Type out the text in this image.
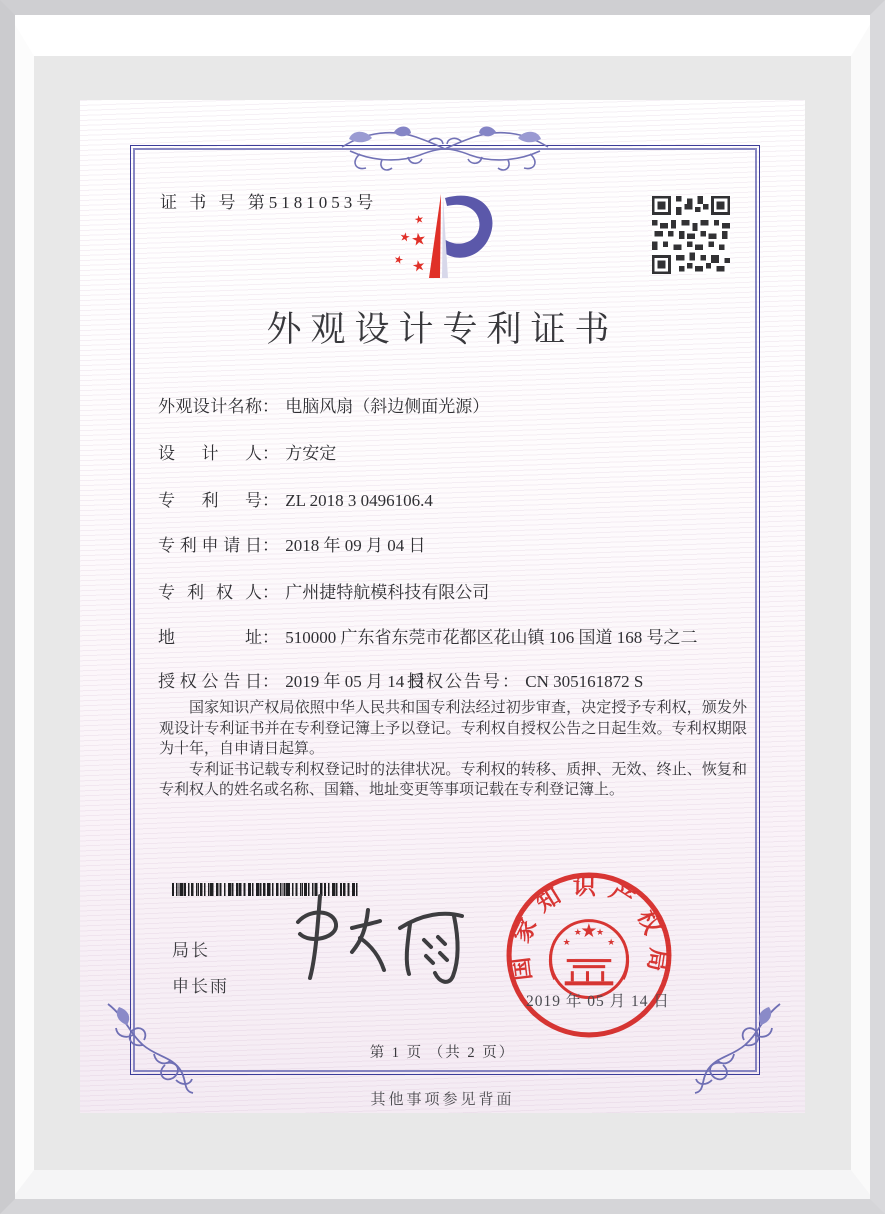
证 书 号 第5181053号
★
★
★
★ ★
外观设计专利证书
外观设计名称： 电脑风扇（斜边侧面光源）
设计人： 方安定
专利号： ZL 2018 3 0496106.4
专利申请日： 2018 年 09 月 04 日
专利权人： 广州捷特航模科技有限公司
地址： 510000 广东省东莞市花都区花山镇 106 国道 168 号之二
授权公告日： 2019 年 05 月 14 日
授权公告号： CN 305161872 S

国家知识产权局依照中华人民共和国专利法经过初步审查，决定授予专利权，颁发外观设计专利证书并在专利登记簿上予以登记。专利权自授权公告之日起生效。专利权期限为十年，自申请日起算。

专利证书记载专利权登记时的法律状况。专利权的转移、质押、无效、终止、恢复和专利权人的姓名或名称、国籍、地址变更等事项记载在专利登记簿上。

局长
申长雨
国家知识产权局
★
★
★ ★
★
2019 年 05 月 14 日
第 1 页 （共 2 页）
其他事项参见背面
